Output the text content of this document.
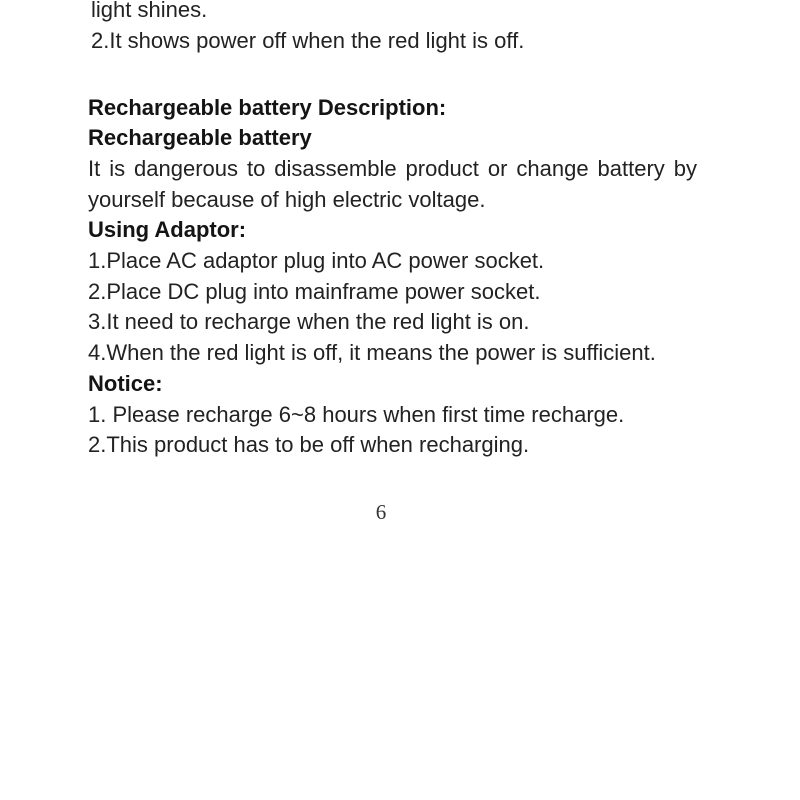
light shines.
2.It shows power off when the red light is off.
Rechargeable battery Description:
Rechargeable battery
It is dangerous to disassemble product or change battery by
yourself because of high electric voltage.
Using Adaptor:
1.Place AC adaptor plug into AC power socket.
2.Place DC plug into mainframe power socket.
3.It need to recharge when the red light is on.
4.When the red light is off, it means the power is sufficient.
Notice:
1. Please recharge 6~8 hours when first time recharge.
2.This product has to be off when recharging.
6
